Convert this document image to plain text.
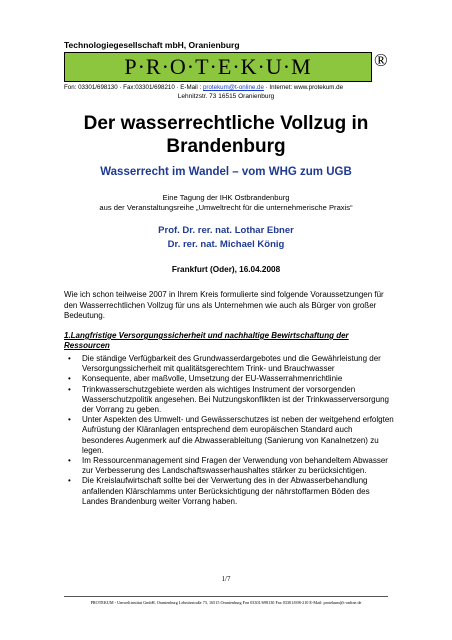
Technologiegesellschaft mbH, Oranienburg
P·R·O·T·E·K·U·M	®
Fon: 03301/698130 · Fax:03301/698210 · E-Mail : protekum@t-online.de · Internet: www.protekum.de
Lehnitzstr. 73 16515 Oranienburg
Der wasserrechtliche Vollzug in Brandenburg
Wasserrecht im Wandel – vom WHG zum UGB
Eine Tagung der IHK Ostbrandenburg
aus der Veranstaltungsreihe „Umweltrecht für die unternehmerische Praxis“
Prof. Dr. rer. nat. Lothar Ebner
Dr. rer. nat. Michael König
Frankfurt (Oder), 16.04.2008
Wie ich schon teilweise 2007 in Ihrem Kreis formulierte sind folgende Voraussetzungen für den Wasserrechtlichen Vollzug für uns als Unternehmen wie auch als Bürger von großer Bedeutung.
1.Langfristige Versorgungssicherheit und nachhaltige Bewirtschaftung der Ressourcen
• Die ständige Verfügbarkeit des Grundwasserdargebotes und die Gewährleistung der Versorgungssicherheit mit qualitätsgerechtem Trink- und Brauchwasser
• Konsequente, aber maßvolle, Umsetzung der EU-Wasserrahmenrichtlinie
• Trinkwasserschutzgebiete werden als wichtiges Instrument der vorsorgenden Wasserschutzpolitik angesehen. Bei Nutzungskonflikten ist der Trinkwasserversorgung der Vorrang zu geben.
• Unter Aspekten des Umwelt- und Gewässerschutzes ist neben der weitgehend erfolgten Aufrüstung der Kläranlagen entsprechend dem europäischen Standard auch besonderes Augenmerk auf die Abwasserableitung (Sanierung von Kanalnetzen) zu legen.
• Im Ressourcenmanagement sind Fragen der Verwendung von behandeltem Abwasser zur Verbesserung des Landschaftswasserhaushaltes stärker zu berücksichtigen.
• Die Kreislaufwirtschaft sollte bei der Verwertung des in der Abwasserbehandlung anfallenden Klärschlamms unter Berücksichtigung der nährstoffarmen Böden des Landes Brandenburg weiter Vorrang haben.
1/7
PROTEKUM - Umweltinstitut GmbH, Oranienburg Lehnitzstraße 73, 16515 Oranienburg Fon 03301/698130 Fax 03301/698-210 E-Mail: protekum@t-online.de
